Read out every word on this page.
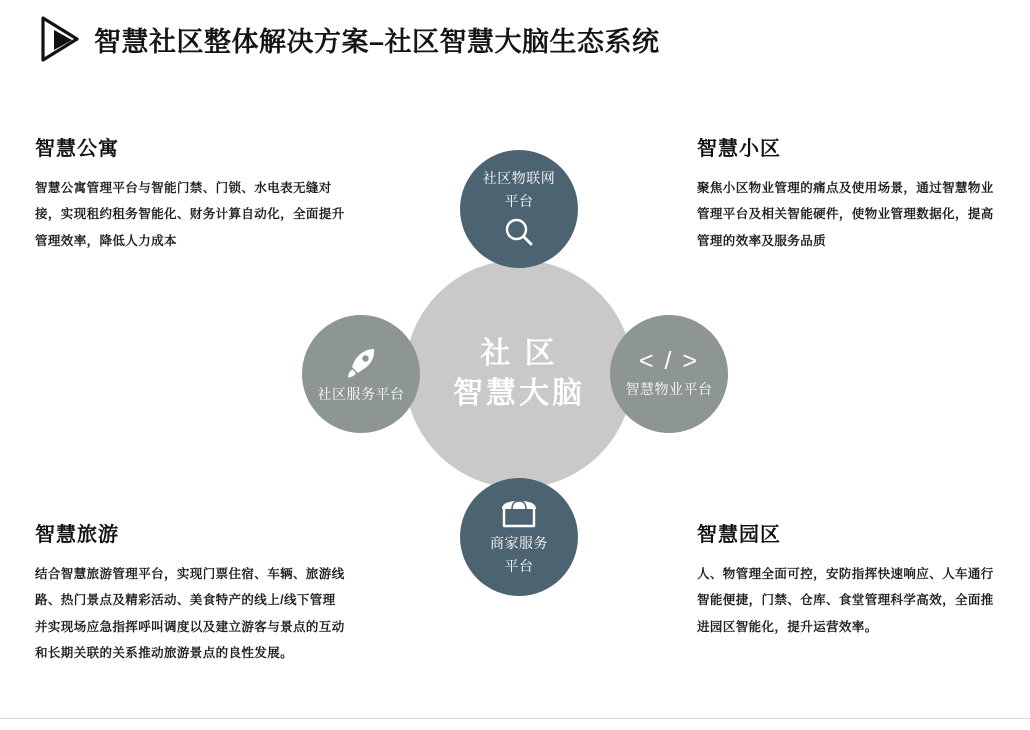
智慧社区整体解决方案–社区智慧大脑生态系统
智慧公寓

智慧公寓管理平台与智能门禁、门锁、水电表无缝对接，实现租约租务智能化、财务计算自动化，全面提升管理效率，降低人力成本

智慧小区

聚焦小区物业管理的痛点及使用场景，通过智慧物业管理平台及相关智能硬件，使物业管理数据化，提高管理的效率及服务品质

智慧旅游

结合智慧旅游管理平台，实现门票住宿、车辆、旅游线路、热门景点及精彩活动、美食特产的线上/线下管理并实现场应急指挥呼叫调度以及建立游客与景点的互动和长期关联的关系推动旅游景点的良性发展。

智慧园区

人、物管理全面可控，安防指挥快速响应、人车通行智能便捷，门禁、仓库、食堂管理科学高效，全面推进园区智能化，提升运营效率。

社 区
智慧大脑
社区物联网
平台
< / >
智慧物业平台
商家服务
平台
社区服务平台
